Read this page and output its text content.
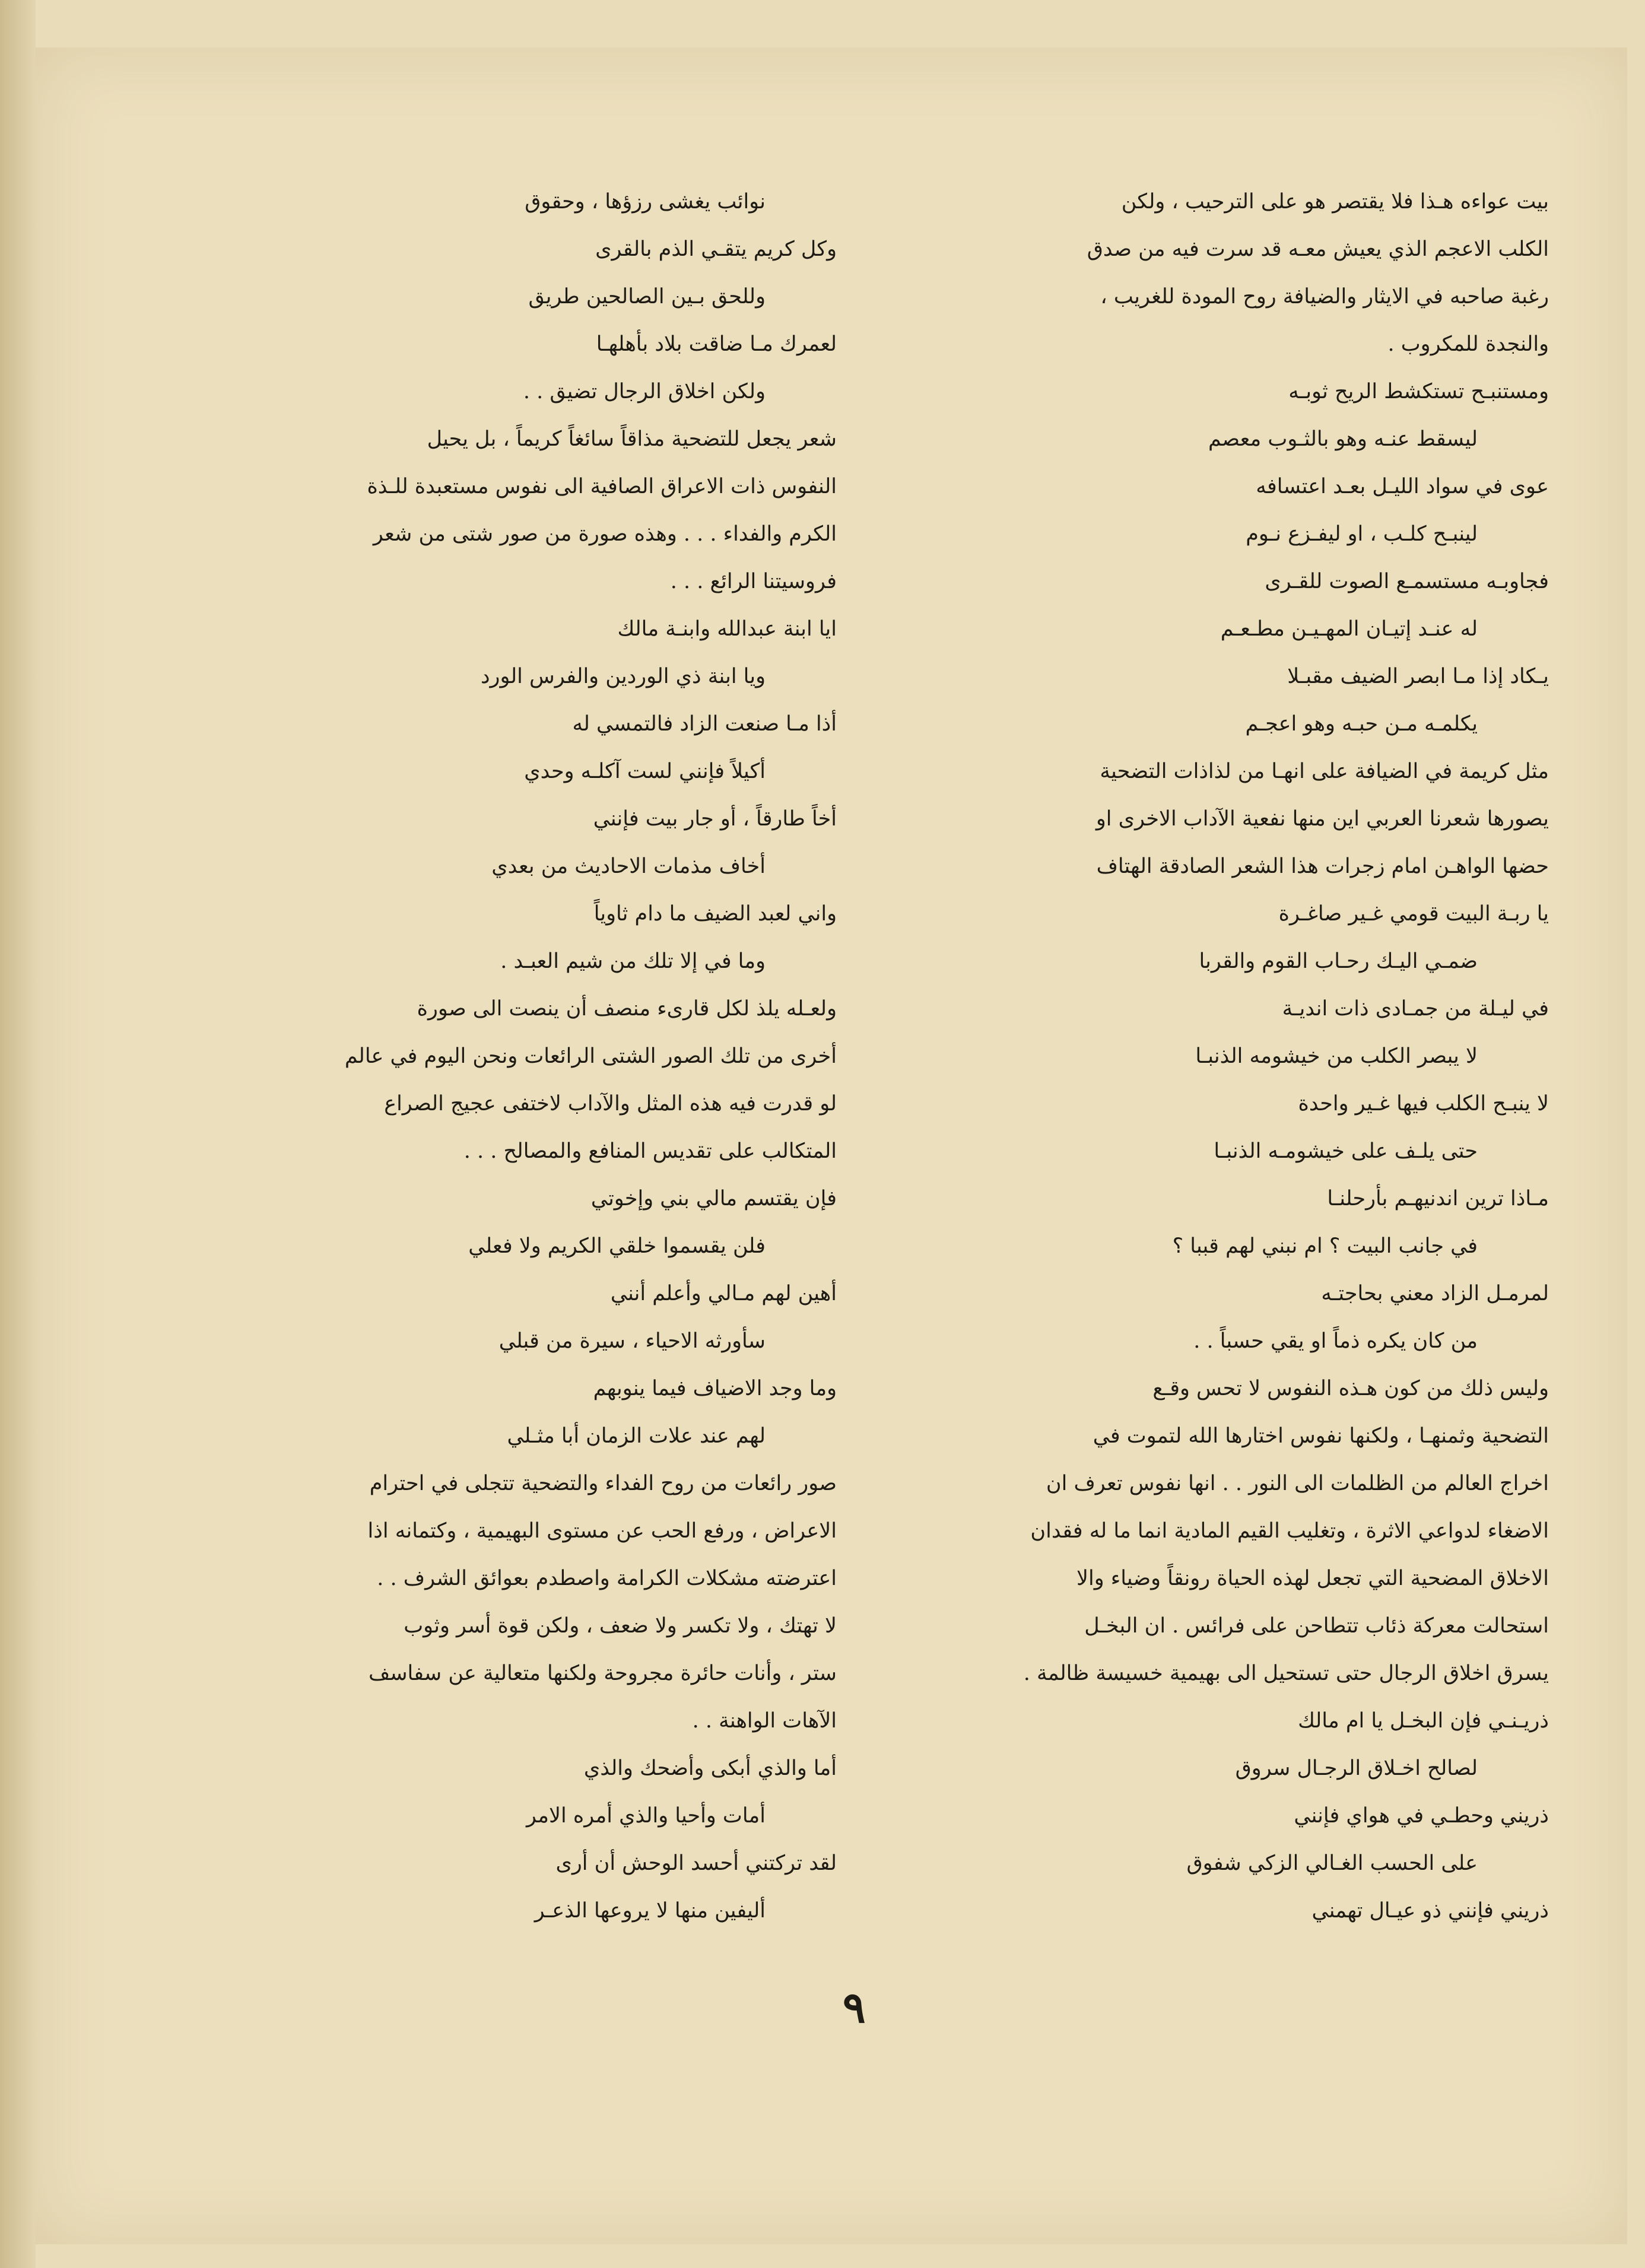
بيت عواءه هـذا فلا يقتصر هو على الترحيب ، ولكن
الكلب الاعجم الذي يعيش معـه قد سرت فيه من صدق
رغبة صاحبه في الايثار والضيافة روح المودة للغريب ،
والنجدة للمكروب .
ومستنبـح تستكشط الريح ثوبـه
ليسقط عنـه وهو بالثـوب معصم
عوى في سواد الليـل بعـد اعتسافه
لينبـح كلـب ، او ليفـزع نـوم
فجاوبـه مستسمـع الصوت للقـرى
له عنـد إتيـان المهـيـن مطـعـم
يـكاد إذا مـا ابصر الضيف مقبـلا
يكلمـه مـن حبـه وهو اعجـم
مثل كريمة في الضيافة على انهـا من لذاذات التضحية
يصورها شعرنا العربي اين منها نفعية الآداب الاخرى او
حضها الواهـن امام زجرات هذا الشعر الصادقة الهتاف
يا ربـة البيت قومي غـير صاغـرة
ضمـي اليـك رحـاب القوم والقربا
في ليـلة من جمـادى ذات انديـة
لا يبصر الكلب من خيشومه الذنبـا
لا ينبـح الكلب فيها غـير واحدة
حتى يلـف على خيشومـه الذنبـا
مـاذا ترين اندنيهـم بأرحلنـا
في جانب البيت ؟ ام نبني لهم قببا ؟
لمرمـل الزاد معني بحاجتـه
من كان يكره ذماً او يقي حسباً . .
وليس ذلك من كون هـذه النفوس لا تحس وقـع
التضحية وثمنهـا ، ولكنها نفوس اختارها الله لتموت في
اخراج العالم من الظلمات الى النور . . انها نفوس تعرف ان
الاضغاء لدواعي الاثرة ، وتغليب القيم المادية انما ما له فقدان
الاخلاق المضحية التي تجعل لهذه الحياة رونقاً وضياء والا
استحالت معركة ذئاب تتطاحن على فرائس . ان البخـل
يسرق اخلاق الرجال حتى تستحيل الى بهيمية خسيسة ظالمة .
ذريـنـي فإن البخـل يا ام مالك
لصالح اخـلاق الرجـال سروق
ذريني وحطـي في هواي فإنني
على الحسب الغـالي الزكي شفوق
ذريني فإنني ذو عيـال تهمني
نوائب يغشى رزؤها ، وحقوق
وكل كريم يتقـي الذم بالقرى
وللحق بـين الصالحين طريق
لعمرك مـا ضاقت بلاد بأهلهـا
ولكن اخلاق الرجال تضيق . .
شعر يجعل للتضحية مذاقاً سائغاً كريماً ، بل يحيل
النفوس ذات الاعراق الصافية الى نفوس مستعبدة للـذة
الكرم والفداء . . . وهذه صورة من صور شتى من شعر
فروسيتنا الرائع . . .
ايا ابنة عبدالله وابنـة مالك
ويا ابنة ذي الوردين والفرس الورد
أذا مـا صنعت الزاد فالتمسي له
أكيلاً فإنني لست آكلـه وحدي
أخاً طارقاً ، أو جار بيت فإنني
أخاف مذمات الاحاديث من بعدي
واني لعبد الضيف ما دام ثاوياً
وما في إلا تلك من شيم العبـد .
ولعـله يلذ لكل قارىء منصف أن ينصت الى صورة
أخرى من تلك الصور الشتى الرائعات ونحن اليوم في عالم
لو قدرت فيه هذه المثل والآداب لاختفى عجيج الصراع
المتكالب على تقديس المنافع والمصالح . . .
فإن يقتسم مالي بني وإخوتي
فلن يقسموا خلقي الكريم ولا فعلي
أهين لهم مـالي وأعلم أنني
سأورثه الاحياء ، سيرة من قبلي
وما وجد الاضياف فيما ينوبهم
لهم عند علات الزمان أبا مثـلي
صور رائعات من روح الفداء والتضحية تتجلى في احترام
الاعراض ، ورفع الحب عن مستوى البهيمية ، وكتمانه اذا
اعترضته مشكلات الكرامة واصطدم بعوائق الشرف . .
لا تهتك ، ولا تكسر ولا ضعف ، ولكن قوة أسر وثوب
ستر ، وأنات حائرة مجروحة ولكنها متعالية عن سفاسف
الآهات الواهنة . .
أما والذي أبكى وأضحك والذي
أمات وأحيا والذي أمره الامر
لقد تركتني أحسد الوحش أن أرى
أليفين منها لا يروعها الذعـر
٩
